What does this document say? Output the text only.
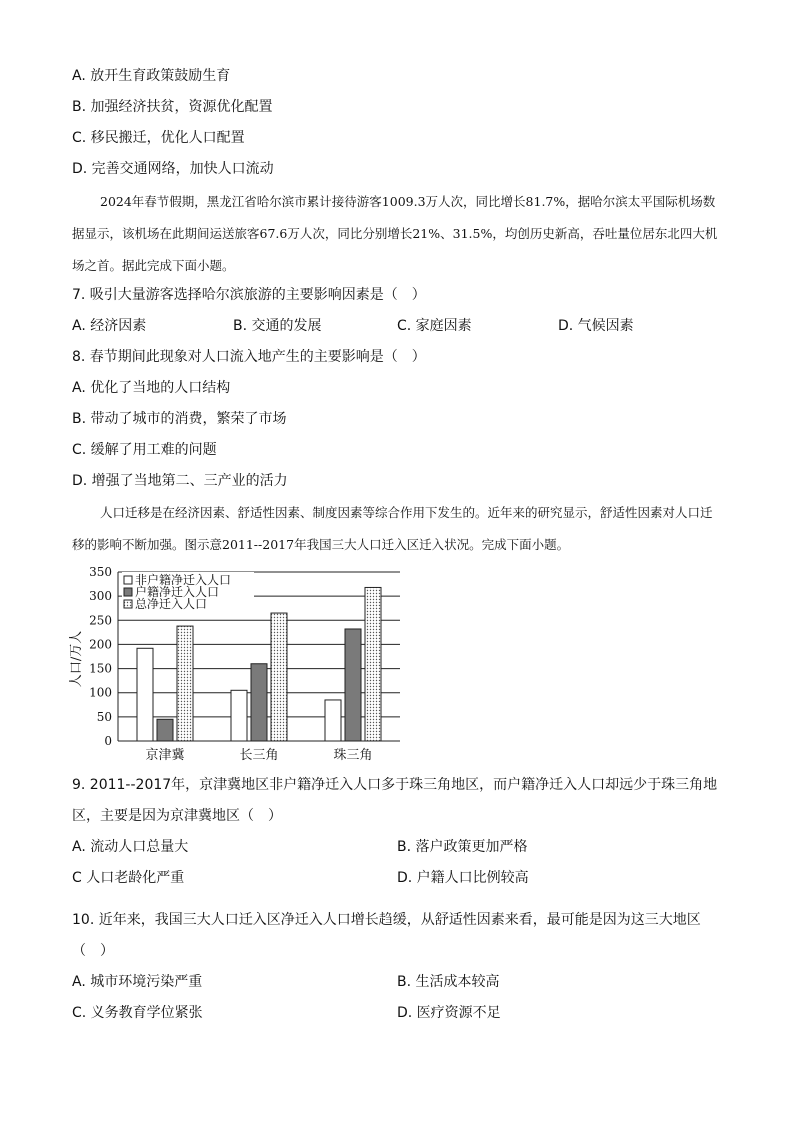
A. 放开生育政策鼓励生育
B. 加强经济扶贫，资源优化配置
C. 移民搬迁，优化人口配置
D. 完善交通网络，加快人口流动
2024年春节假期，黑龙江省哈尔滨市累计接待游客1009.3万人次，同比增长81.7%，据哈尔滨太平国际机场数据显示，该机场在此期间运送旅客67.6万人次，同比分别增长21%、31.5%，均创历史新高，吞吐量位居东北四大机场之首。据此完成下面小题。
7. 吸引大量游客选择哈尔滨旅游的主要影响因素是（　）
A. 经济因素	B. 交通的发展	C. 家庭因素	D. 气候因素
8. 春节期间此现象对人口流入地产生的主要影响是（　）
A. 优化了当地的人口结构
B. 带动了城市的消费，繁荣了市场
C. 缓解了用工难的问题
D. 增强了当地第二、三产业的活力
人口迁移是在经济因素、舒适性因素、制度因素等综合作用下发生的。近年来的研究显示，舒适性因素对人口迁移的影响不断加强。图示意2011--2017年我国三大人口迁入区迁入状况。完成下面小题。
0
50
100
150
200
250
300
350
京津冀	长三角	珠三角
非户籍净迁入人口
户籍净迁入人口
总净迁入人口
人口/万人
9. 2011--2017年，京津冀地区非户籍净迁入人口多于珠三角地区，而户籍净迁入人口却远少于珠三角地
区，主要是因为京津冀地区（　）
A. 流动人口总量大	B. 落户政策更加严格
C 人口老龄化严重	D. 户籍人口比例较高
10. 近年来，我国三大人口迁入区净迁入人口增长趋缓，从舒适性因素来看，最可能是因为这三大地区
（　）
A. 城市环境污染严重	B. 生活成本较高
C. 义务教育学位紧张	D. 医疗资源不足
